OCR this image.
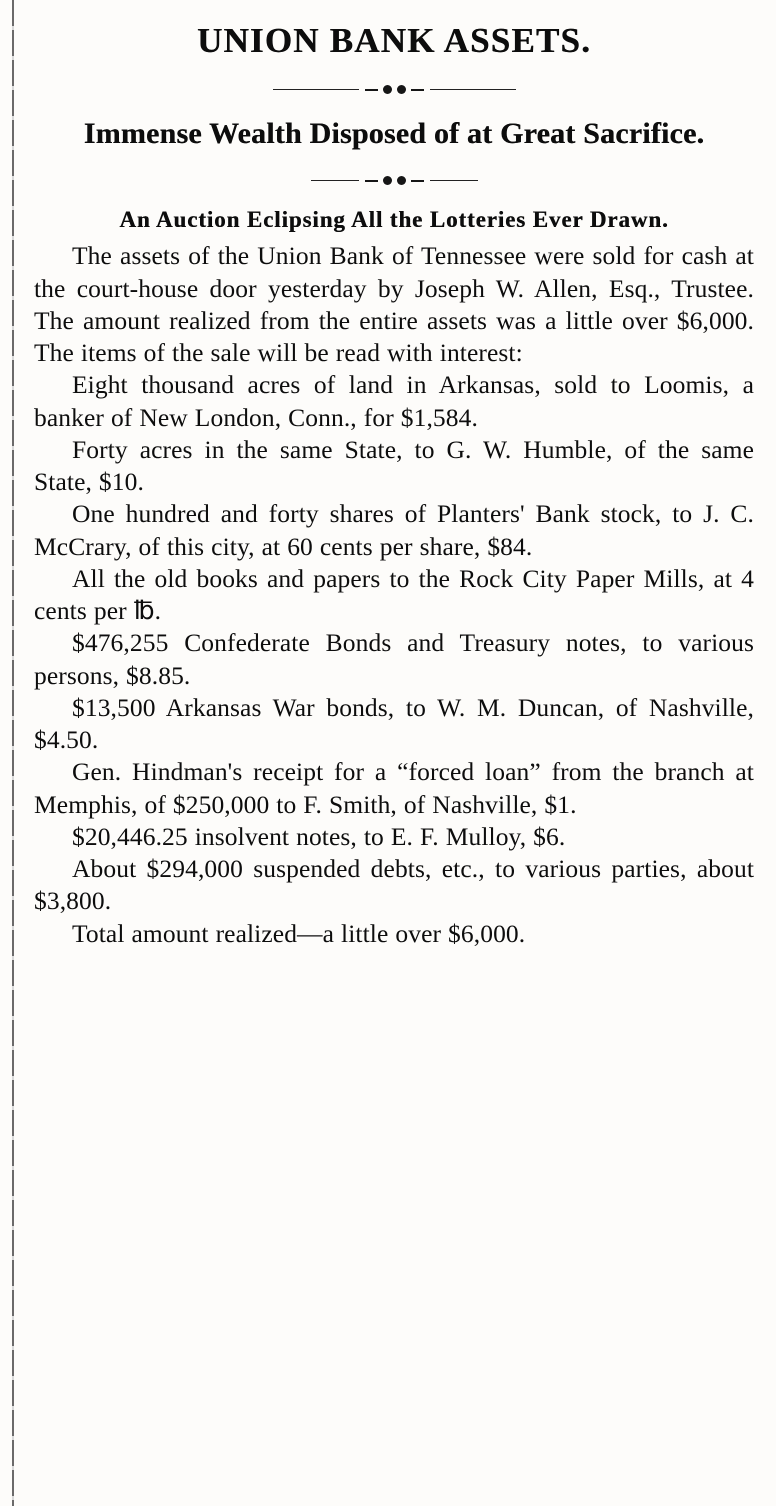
UNION BANK ASSETS.
Immense Wealth Disposed of at Great Sacrifice.
An Auction Eclipsing All the Lotteries Ever Drawn.

The assets of the Union Bank of Tennessee were sold for cash at the court-house door yesterday by Joseph W. Allen, Esq., Trustee. The amount realized from the entire assets was a little over $6,000. The items of the sale will be read with interest:

Eight thousand acres of land in Arkansas, sold to Loomis, a banker of New London, Conn., for $1,584.

Forty acres in the same State, to G. W. Humble, of the same State, $10.

One hundred and forty shares of Planters' Bank stock, to J. C. McCrary, of this city, at 60 cents per share, $84.

All the old books and papers to the Rock City Paper Mills, at 4 cents per ℔.

$476,255 Confederate Bonds and Treasury notes, to various persons, $8.85.

$13,500 Arkansas War bonds, to W. M. Duncan, of Nashville, $4.50.

Gen. Hindman's receipt for a “forced loan” from the branch at Memphis, of $250,000 to F. Smith, of Nashville, $1.

$20,446.25 insolvent notes, to E. F. Mulloy, $6.

About $294,000 suspended debts, etc., to various parties, about $3,800.

Total amount realized—a little over $6,000.
